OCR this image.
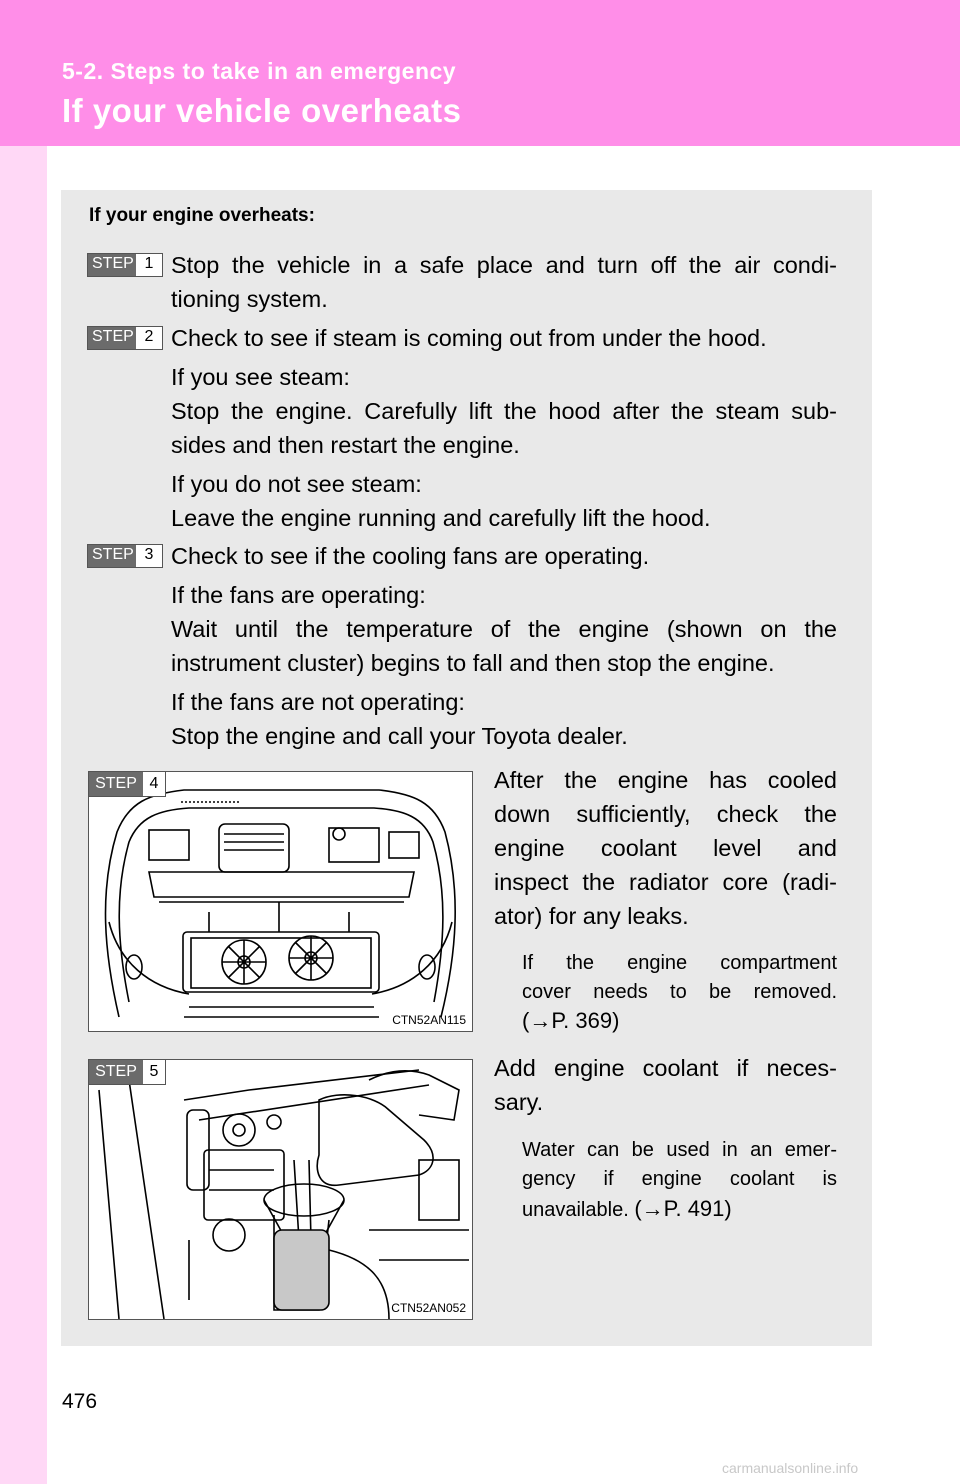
5-2. Steps to take in an emergency
If your vehicle overheats
If your engine overheats:
STEP 1 Stop the vehicle in a safe place and turn off the air condi-
tioning system.
STEP 2 Check to see if steam is coming out from under the hood.
If you see steam:
Stop the engine. Carefully lift the hood after the steam sub-
sides and then restart the engine.
If you do not see steam:
Leave the engine running and carefully lift the hood.
STEP 3 Check to see if the cooling fans are operating.
If the fans are operating:
Wait until the temperature of the engine (shown on the
instrument cluster) begins to fall and then stop the engine.
If the fans are not operating:
Stop the engine and call your Toyota dealer.
STEP 4
CTN52AN115
After the engine has cooled
down sufficiently, check the
engine coolant level and
inspect the radiator core (radi-
ator) for any leaks.
If the engine compartment
cover needs to be removed.
(→P. 369)
STEP 5
CTN52AN052
Add engine coolant if neces-
sary.
Water can be used in an emer-
gency if engine coolant is
unavailable. (→P. 491)
476
carmanualsonline.info
